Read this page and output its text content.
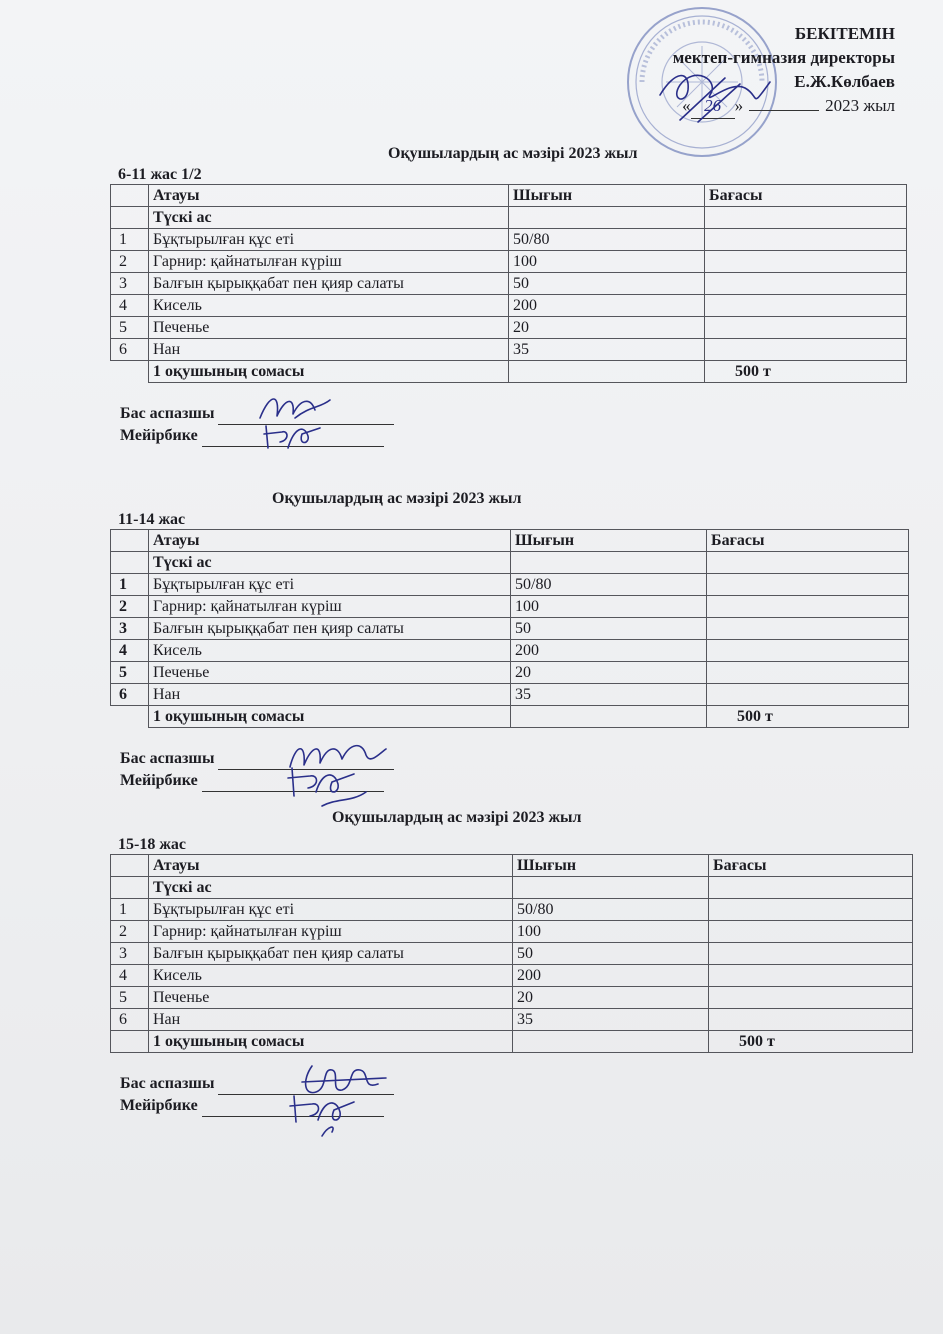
БЕКІТЕМІН
мектеп-гимназия директоры
Е.Ж.Көлбаев
« 26 »	2023 жыл
Оқушылардың ас мәзірі 2023 жыл
6-11 жас 1/2
	Атауы	Шығын	Бағасы
	Түскі ас		
1	Бұқтырылған құс еті	50/80	
2	Гарнир: қайнатылған күріш	100	
3	Балғын қырыққабат пен қияр салаты	50	
4	Кисель	200	
5	Печенье	20	
6	Нан	35	
	1 оқушының сомасы		500 т
Бас аспазшы
Мейірбике
Оқушылардың ас мәзірі 2023 жыл
11-14 жас
	Атауы	Шығын	Бағасы
	Түскі ас		
1	Бұқтырылған құс еті	50/80	
2	Гарнир: қайнатылған күріш	100	
3	Балғын қырыққабат пен қияр салаты	50	
4	Кисель	200	
5	Печенье	20	
6	Нан	35	
	1 оқушының сомасы		500 т
Бас аспазшы
Мейірбике
Оқушылардың ас мәзірі 2023 жыл
15-18 жас
	Атауы	Шығын	Бағасы
	Түскі ас		
1	Бұқтырылған құс еті	50/80	
2	Гарнир: қайнатылған күріш	100	
3	Балғын қырыққабат пен қияр салаты	50	
4	Кисель	200	
5	Печенье	20	
6	Нан	35	
	1 оқушының сомасы		500 т
Бас аспазшы
Мейірбике
